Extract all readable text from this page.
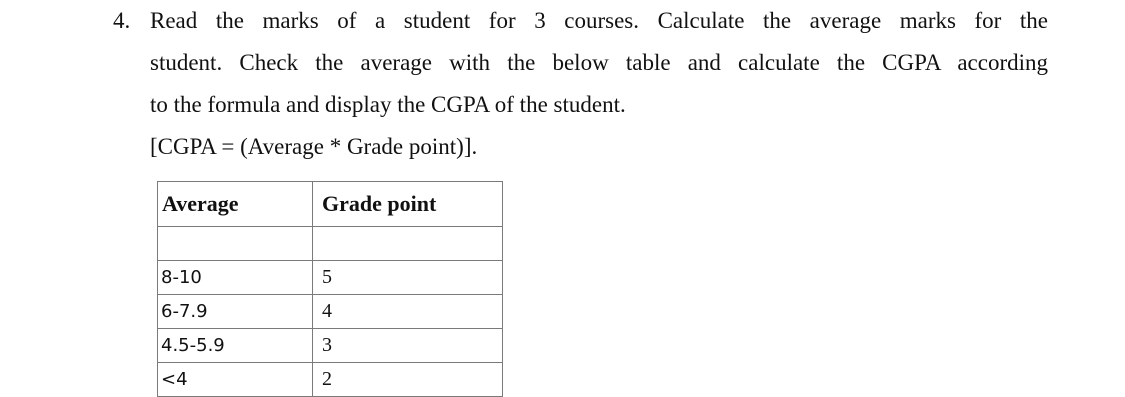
4. Read the marks of a student for 3 courses. Calculate the average marks for the
student. Check the average with the below table and calculate the CGPA according
to the formula and display the CGPA of the student.
[CGPA = (Average * Grade point)].
Average	Grade point

8-10	5
6-7.9	4
4.5-5.9	3
<4	2
